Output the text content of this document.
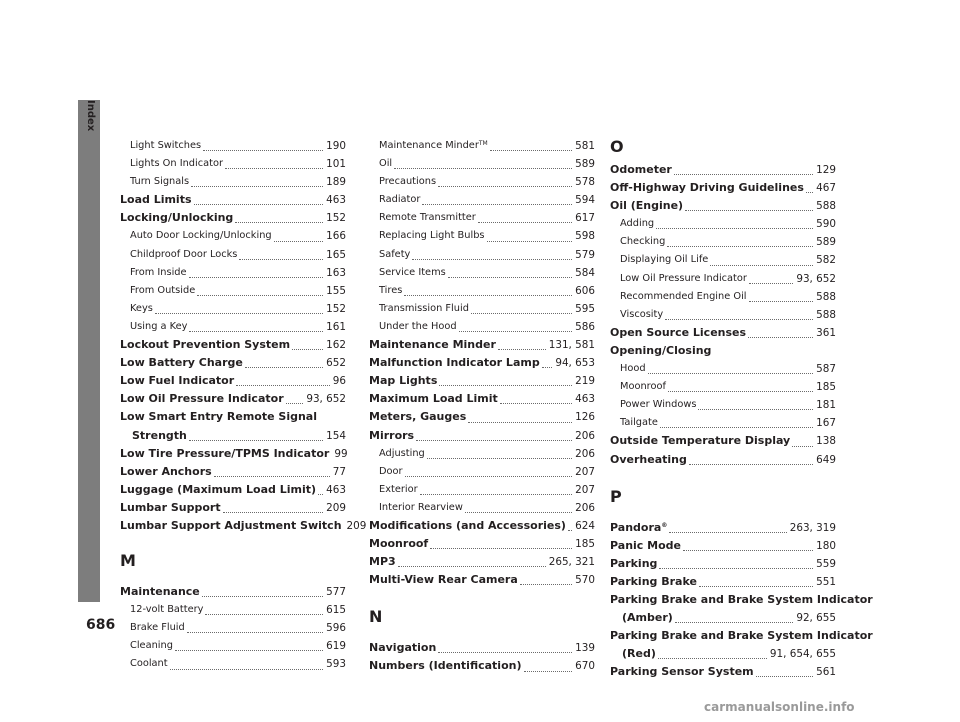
Index
686
Light Switches	190
Lights On Indicator	101
Turn Signals	189
Load Limits	463
Locking/Unlocking	152
Auto Door Locking/Unlocking	166
Childproof Door Locks	165
From Inside	163
From Outside	155
Keys	152
Using a Key	161
Lockout Prevention System	162
Low Battery Charge	652
Low Fuel Indicator	96
Low Oil Pressure Indicator 93, 652
Low Smart Entry Remote Signal
Strength	154
Low Tire Pressure/TPMS Indicator 99
Lower Anchors	77
Luggage (Maximum Load Limit) 463
Lumbar Support	209
Lumbar Support Adjustment Switch 209
M
Maintenance	577
12-volt Battery	615
Brake Fluid	596
Cleaning	619
Coolant	593
Maintenance Minder™	581
Oil	589
Precautions	578
Radiator	594
Remote Transmitter	617
Replacing Light Bulbs	598
Safety	579
Service Items	584
Tires	606
Transmission Fluid	595
Under the Hood	586
Maintenance Minder	131, 581
Malfunction Indicator Lamp 94, 653
Map Lights	219
Maximum Load Limit	463
Meters, Gauges	126
Mirrors	206
Adjusting	206
Door	207
Exterior	207
Interior Rearview	206
Modifications (and Accessories) 624
Moonroof	185
MP3	265, 321
Multi-View Rear Camera	570
N
Navigation	139
Numbers (Identification)	670
O
Odometer	129
Off-Highway Driving Guidelines 467
Oil (Engine)	588
Adding	590
Checking	589
Displaying Oil Life	582
Low Oil Pressure Indicator	93, 652
Recommended Engine Oil	588
Viscosity	588
Open Source Licenses	361
Opening/Closing
Hood	587
Moonroof	185
Power Windows	181
Tailgate	167
Outside Temperature Display 138
Overheating	649
P
Pandora®	263, 319
Panic Mode	180
Parking	559
Parking Brake	551
Parking Brake and Brake System Indicator
(Amber)	92, 655
Parking Brake and Brake System Indicator
(Red)	91, 654, 655
Parking Sensor System	561
carmanualsonline.info
